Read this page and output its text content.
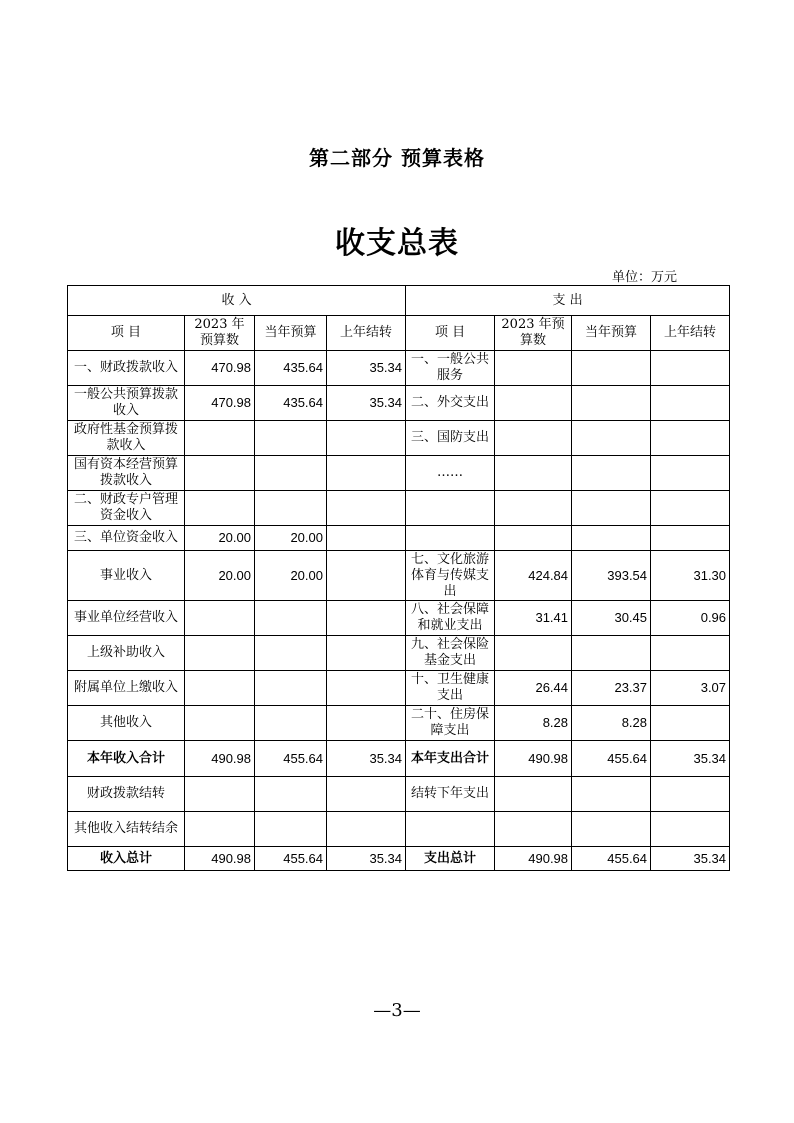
第二部分 预算表格
收支总表
单位：万元
收 入				支 出			
项 目	2023 年预算数	当年预算	上年结转	项 目	2023 年预算数	当年预算	上年结转
一、财政拨款收入	470.98	435.64	35.34	一、一般公共服务			
一般公共预算拨款收入	470.98	435.64	35.34	二、外交支出			
政府性基金预算拨款收入				三、国防支出			
国有资本经营预算拨款收入				……			
二、财政专户管理资金收入							
三、单位资金收入	20.00	20.00					
事业收入	20.00	20.00		七、文化旅游体育与传媒支出	424.84	393.54	31.30
事业单位经营收入				八、社会保障和就业支出	31.41	30.45	0.96
上级补助收入				九、社会保险基金支出			
附属单位上缴收入				十、卫生健康支出	26.44	23.37	3.07
其他收入				二十、住房保障支出	8.28	8.28	
本年收入合计	490.98	455.64	35.34	本年支出合计	490.98	455.64	35.34
财政拨款结转				结转下年支出			
其他收入结转结余							
收入总计	490.98	455.64	35.34	支出总计	490.98	455.64	35.34
—3—
